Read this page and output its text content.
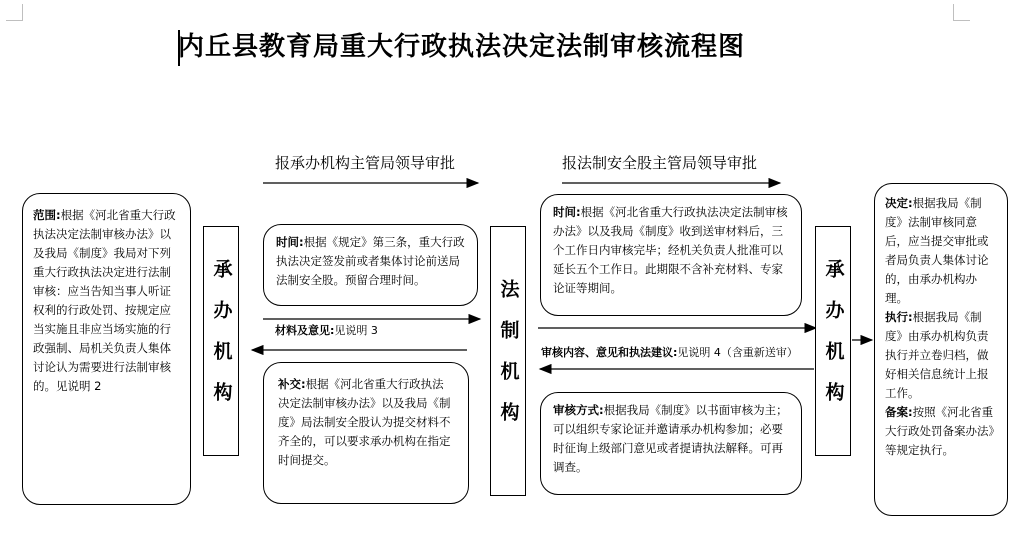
内丘县教育局重大行政执法决定法制审核流程图
报承办机构主管局领导审批	报法制安全股主管局领导审批
范围:根据《河北省重大行政执法决定法制审核办法》以及我局《制度》我局对下列重大行政执法决定进行法制审核：应当告知当事人听证权利的行政处罚、按规定应当实施且非应当场实施的行政强制、局机关负责人集体讨论认为需要进行法制审核的。见说明 2	承办机构
时间:根据《规定》第三条，重大行政执法决定签发前或者集体讨论前送局法制安全股。预留合理时间。
材料及意见:见说明 3
补交:根据《河北省重大行政执法决定法制审核办法》以及我局《制度》局法制安全股认为提交材料不齐全的，可以要求承办机构在指定时间提交。
法制机构
时间:根据《河北省重大行政执法决定法制审核办法》以及我局《制度》收到送审材料后，三个工作日内审核完毕；经机关负责人批准可以延长五个工作日。此期限不含补充材料、专家论证等期间。
审核内容、意见和执法建议:见说明 4（含重新送审）
审核方式:根据我局《制度》以书面审核为主；可以组织专家论证并邀请承办机构参加；必要时征询上级部门意见或者提请执法解释。可再调查。
承办机构
决定:根据我局《制度》法制审核同意后，应当提交审批或者局负责人集体讨论的，由承办机构办理。
执行:根据我局《制度》由承办机构负责执行并立卷归档，做好相关信息统计上报工作。
备案:按照《河北省重大行政处罚备案办法》等规定执行。
